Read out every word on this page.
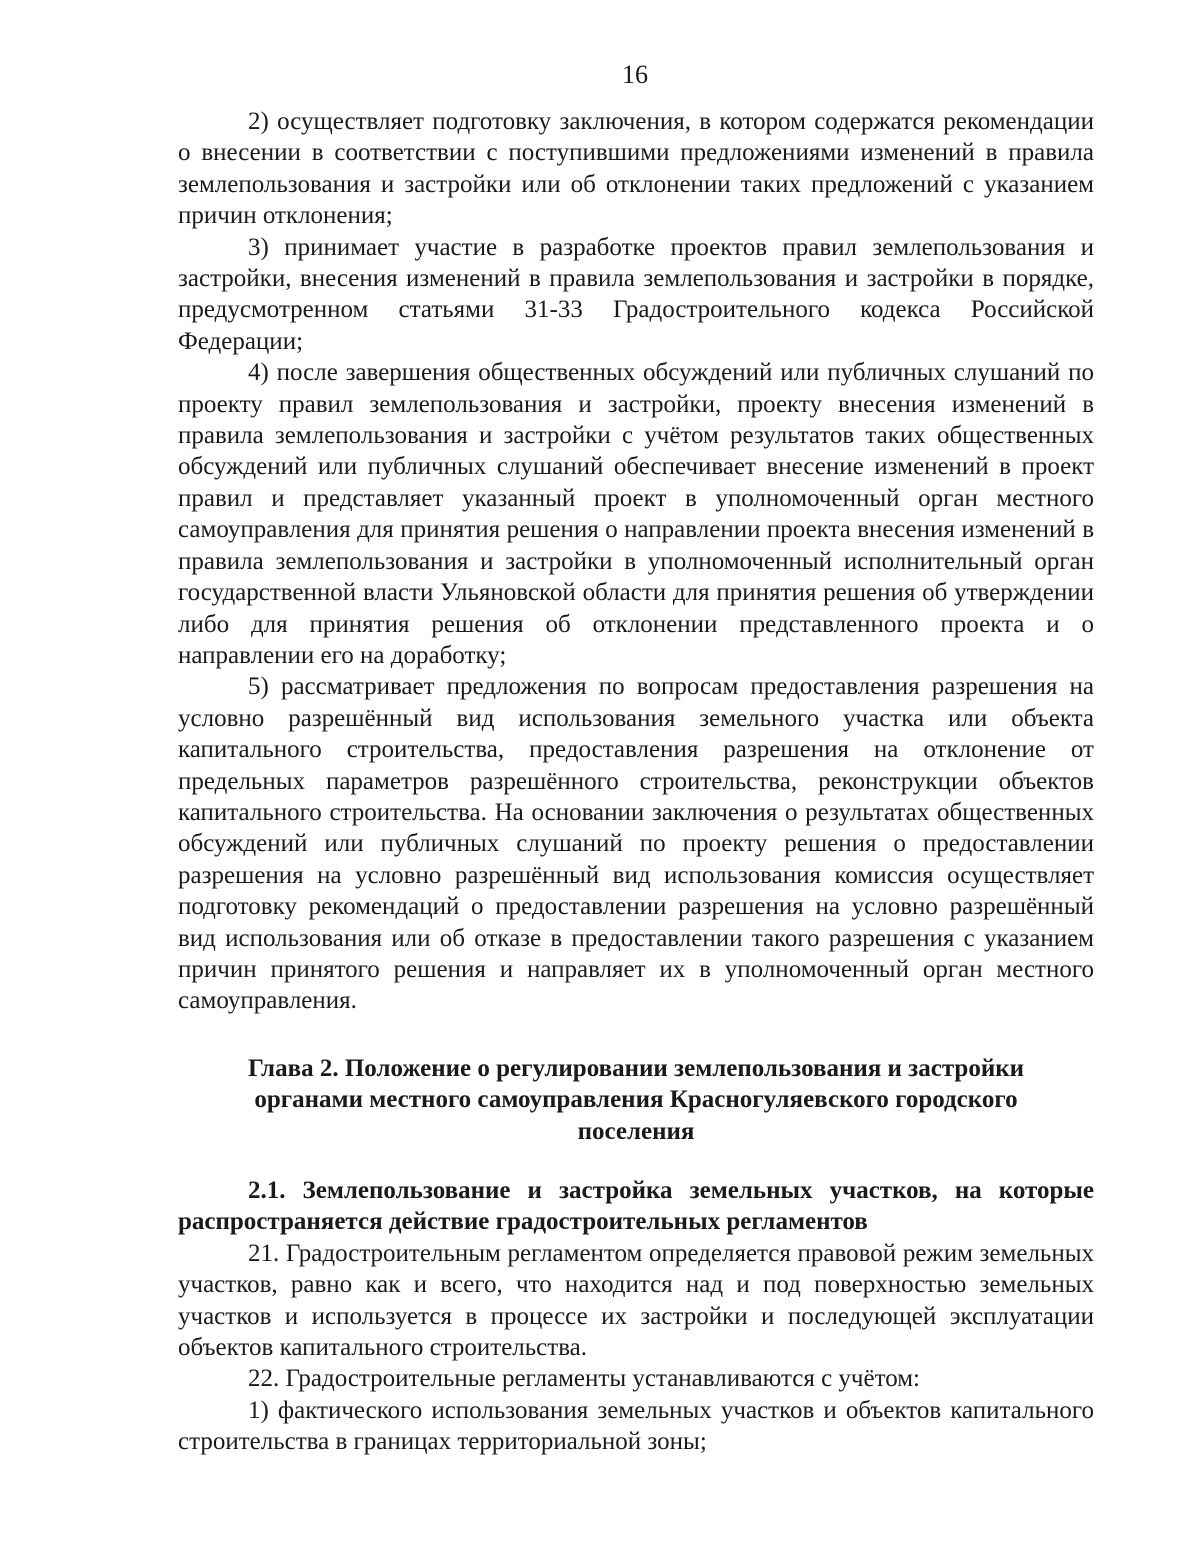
16

2) осуществляет подготовку заключения, в котором содержатся рекомендации о внесении в соответствии с поступившими предложениями изменений в правила землепользования и застройки или об отклонении таких предложений с указанием причин отклонения;

3) принимает участие в разработке проектов правил землепользования и застройки, внесения изменений в правила землепользования и застройки в порядке, предусмотренном статьями 31-33 Градостроительного кодекса Российской Федерации;

4) после завершения общественных обсуждений или публичных слушаний по проекту правил землепользования и застройки, проекту внесения изменений в правила землепользования и застройки с учётом результатов таких общественных обсуждений или публичных слушаний обеспечивает внесение изменений в проект правил и представляет указанный проект в уполномоченный орган местного самоуправления для принятия решения о направлении проекта внесения изменений в правила землепользования и застройки в уполномоченный исполнительный орган государственной власти Ульяновской области для принятия решения об утверждении либо для принятия решения об отклонении представленного проекта и о направлении его на доработку;

5) рассматривает предложения по вопросам предоставления разрешения на условно разрешённый вид использования земельного участка или объекта капитального строительства, предоставления разрешения на отклонение от предельных параметров разрешённого строительства, реконструкции объектов капитального строительства. На основании заключения о результатах общественных обсуждений или публичных слушаний по проекту решения о предоставлении разрешения на условно разрешённый вид использования комиссия осуществляет подготовку рекомендаций о предоставлении разрешения на условно разрешённый вид использования или об отказе в предоставлении такого разрешения с указанием причин принятого решения и направляет их в уполномоченный орган местного самоуправления.

Глава 2. Положение о регулировании землепользования и застройки органами местного самоуправления Красногуляевского городского поселения

2.1. Землепользование и застройка земельных участков, на которые распространяется действие градостроительных регламентов

21. Градостроительным регламентом определяется правовой режим земельных участков, равно как и всего, что находится над и под поверхностью земельных участков и используется в процессе их застройки и последующей эксплуатации объектов капитального строительства.

22. Градостроительные регламенты устанавливаются с учётом:

1) фактического использования земельных участков и объектов капитального строительства в границах территориальной зоны;
